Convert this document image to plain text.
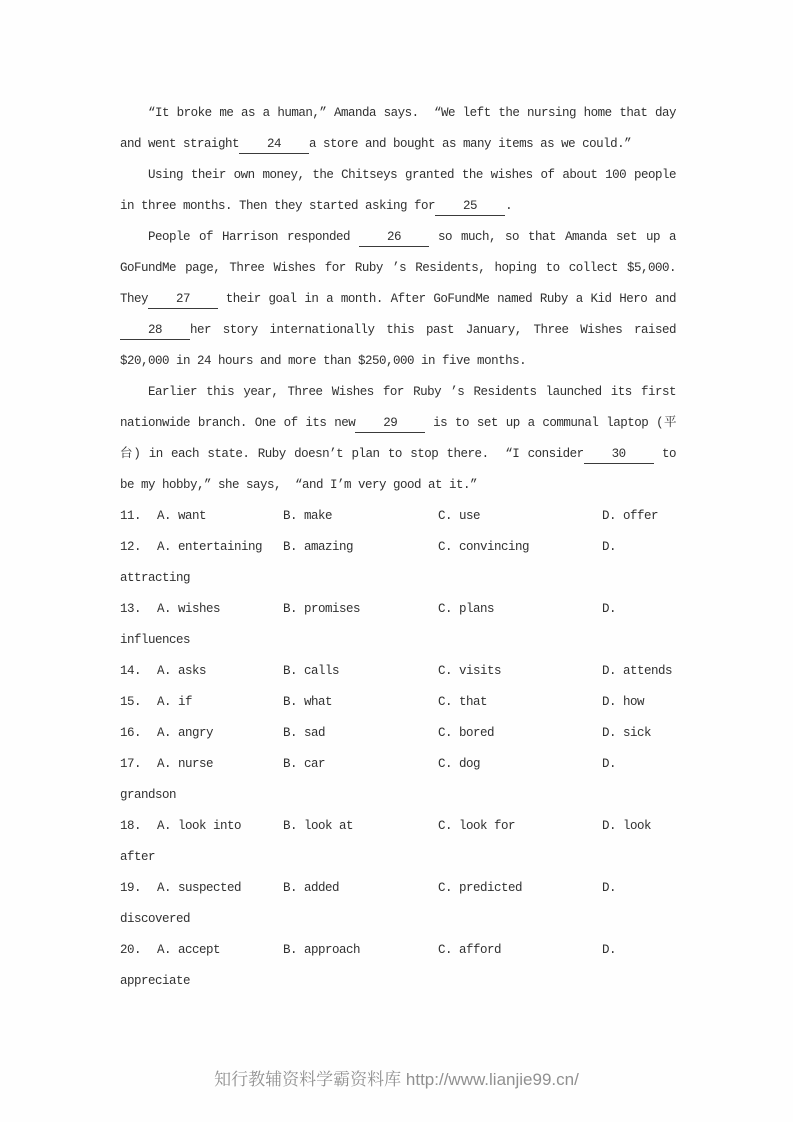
“It broke me as a human,” Amanda says.  “We left the nursing home that day and went straight 24 a store and bought as many items as we could.”

Using their own money, the Chitseys granted the wishes of about 100 people in three months. Then they started asking for 25 .

People of Harrison responded 26 so much, so that Amanda set up a GoFundMe page, Three Wishes for Ruby ’s Residents, hoping to collect $5,000. They 27 their goal in a month. After GoFundMe named Ruby a Kid Hero and28 her story internationally this past January, Three Wishes raised $20,000 in 24 hours and more than $250,000 in five months.

Earlier this year, Three Wishes for Ruby ’s Residents launched its first nationwide branch. One of its new 29 is to set up a communal laptop (平台) in each state. Ruby doesn’t plan to stop there.  “I consider 30 to be my hobby,” she says,  “and I’m very good at it.”

11. A. want	B. make	C. use	D. offer
12. A. entertaining B. amazing	C. convincing	D. attracting
13. A. wishes	B. promises	C. plans	D. influences
14. A. asks	B. calls	C. visits	D. attends
15. A. if	B. what	C. that	D. how
16. A. angry	B. sad	C. bored	D. sick
17. A. nurse	B. car	C. dog	D. grandson
18. A. look into	B. look at	C. look for	D. look after
19. A. suspected	B. added	C. predicted	D. discovered
20. A. accept	B. approach	C. afford	D. appreciate
知行教辅资料学霸资料库 http://www.lianjie99.cn/
